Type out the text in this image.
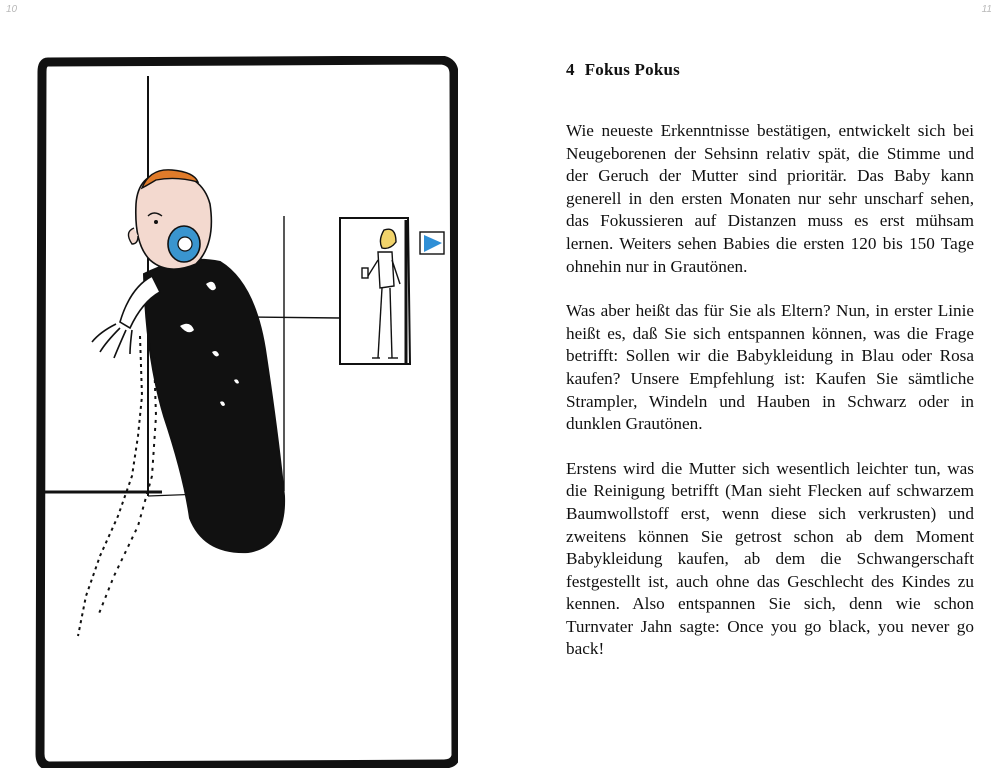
10	11
4 Fokus Pokus

Wie neueste Erkenntnisse bestätigen, entwickelt sich bei Neugeborenen der Sehsinn relativ spät, die Stimme und der Geruch der Mutter sind prioritär. Das Baby kann generell in den ersten Monaten nur sehr unscharf sehen, das Fokussieren auf Distanzen muss es erst mühsam lernen. Weiters sehen Babies die ersten 120 bis 150 Tage ohnehin nur in Grautönen.

Was aber heißt das für Sie als Eltern? Nun, in erster Linie heißt es, daß Sie sich entspannen können, was die Frage betrifft: Sollen wir die Babykleidung in Blau oder Rosa kaufen? Unsere Empfehlung ist: Kaufen Sie sämtliche Strampler, Windeln und Hauben in Schwarz oder in dunklen Grautönen.

Erstens wird die Mutter sich wesentlich leichter tun, was die Reinigung betrifft (Man sieht Flecken auf schwarzem Baumwollstoff erst, wenn diese sich verkrusten) und zweitens können Sie getrost schon ab dem Moment Babykleidung kaufen, ab dem die Schwangerschaft festgestellt ist, auch ohne das Geschlecht des Kindes zu kennen. Also entspannen Sie sich, denn wie schon Turnvater Jahn sagte: Once you go black, you never go back!
